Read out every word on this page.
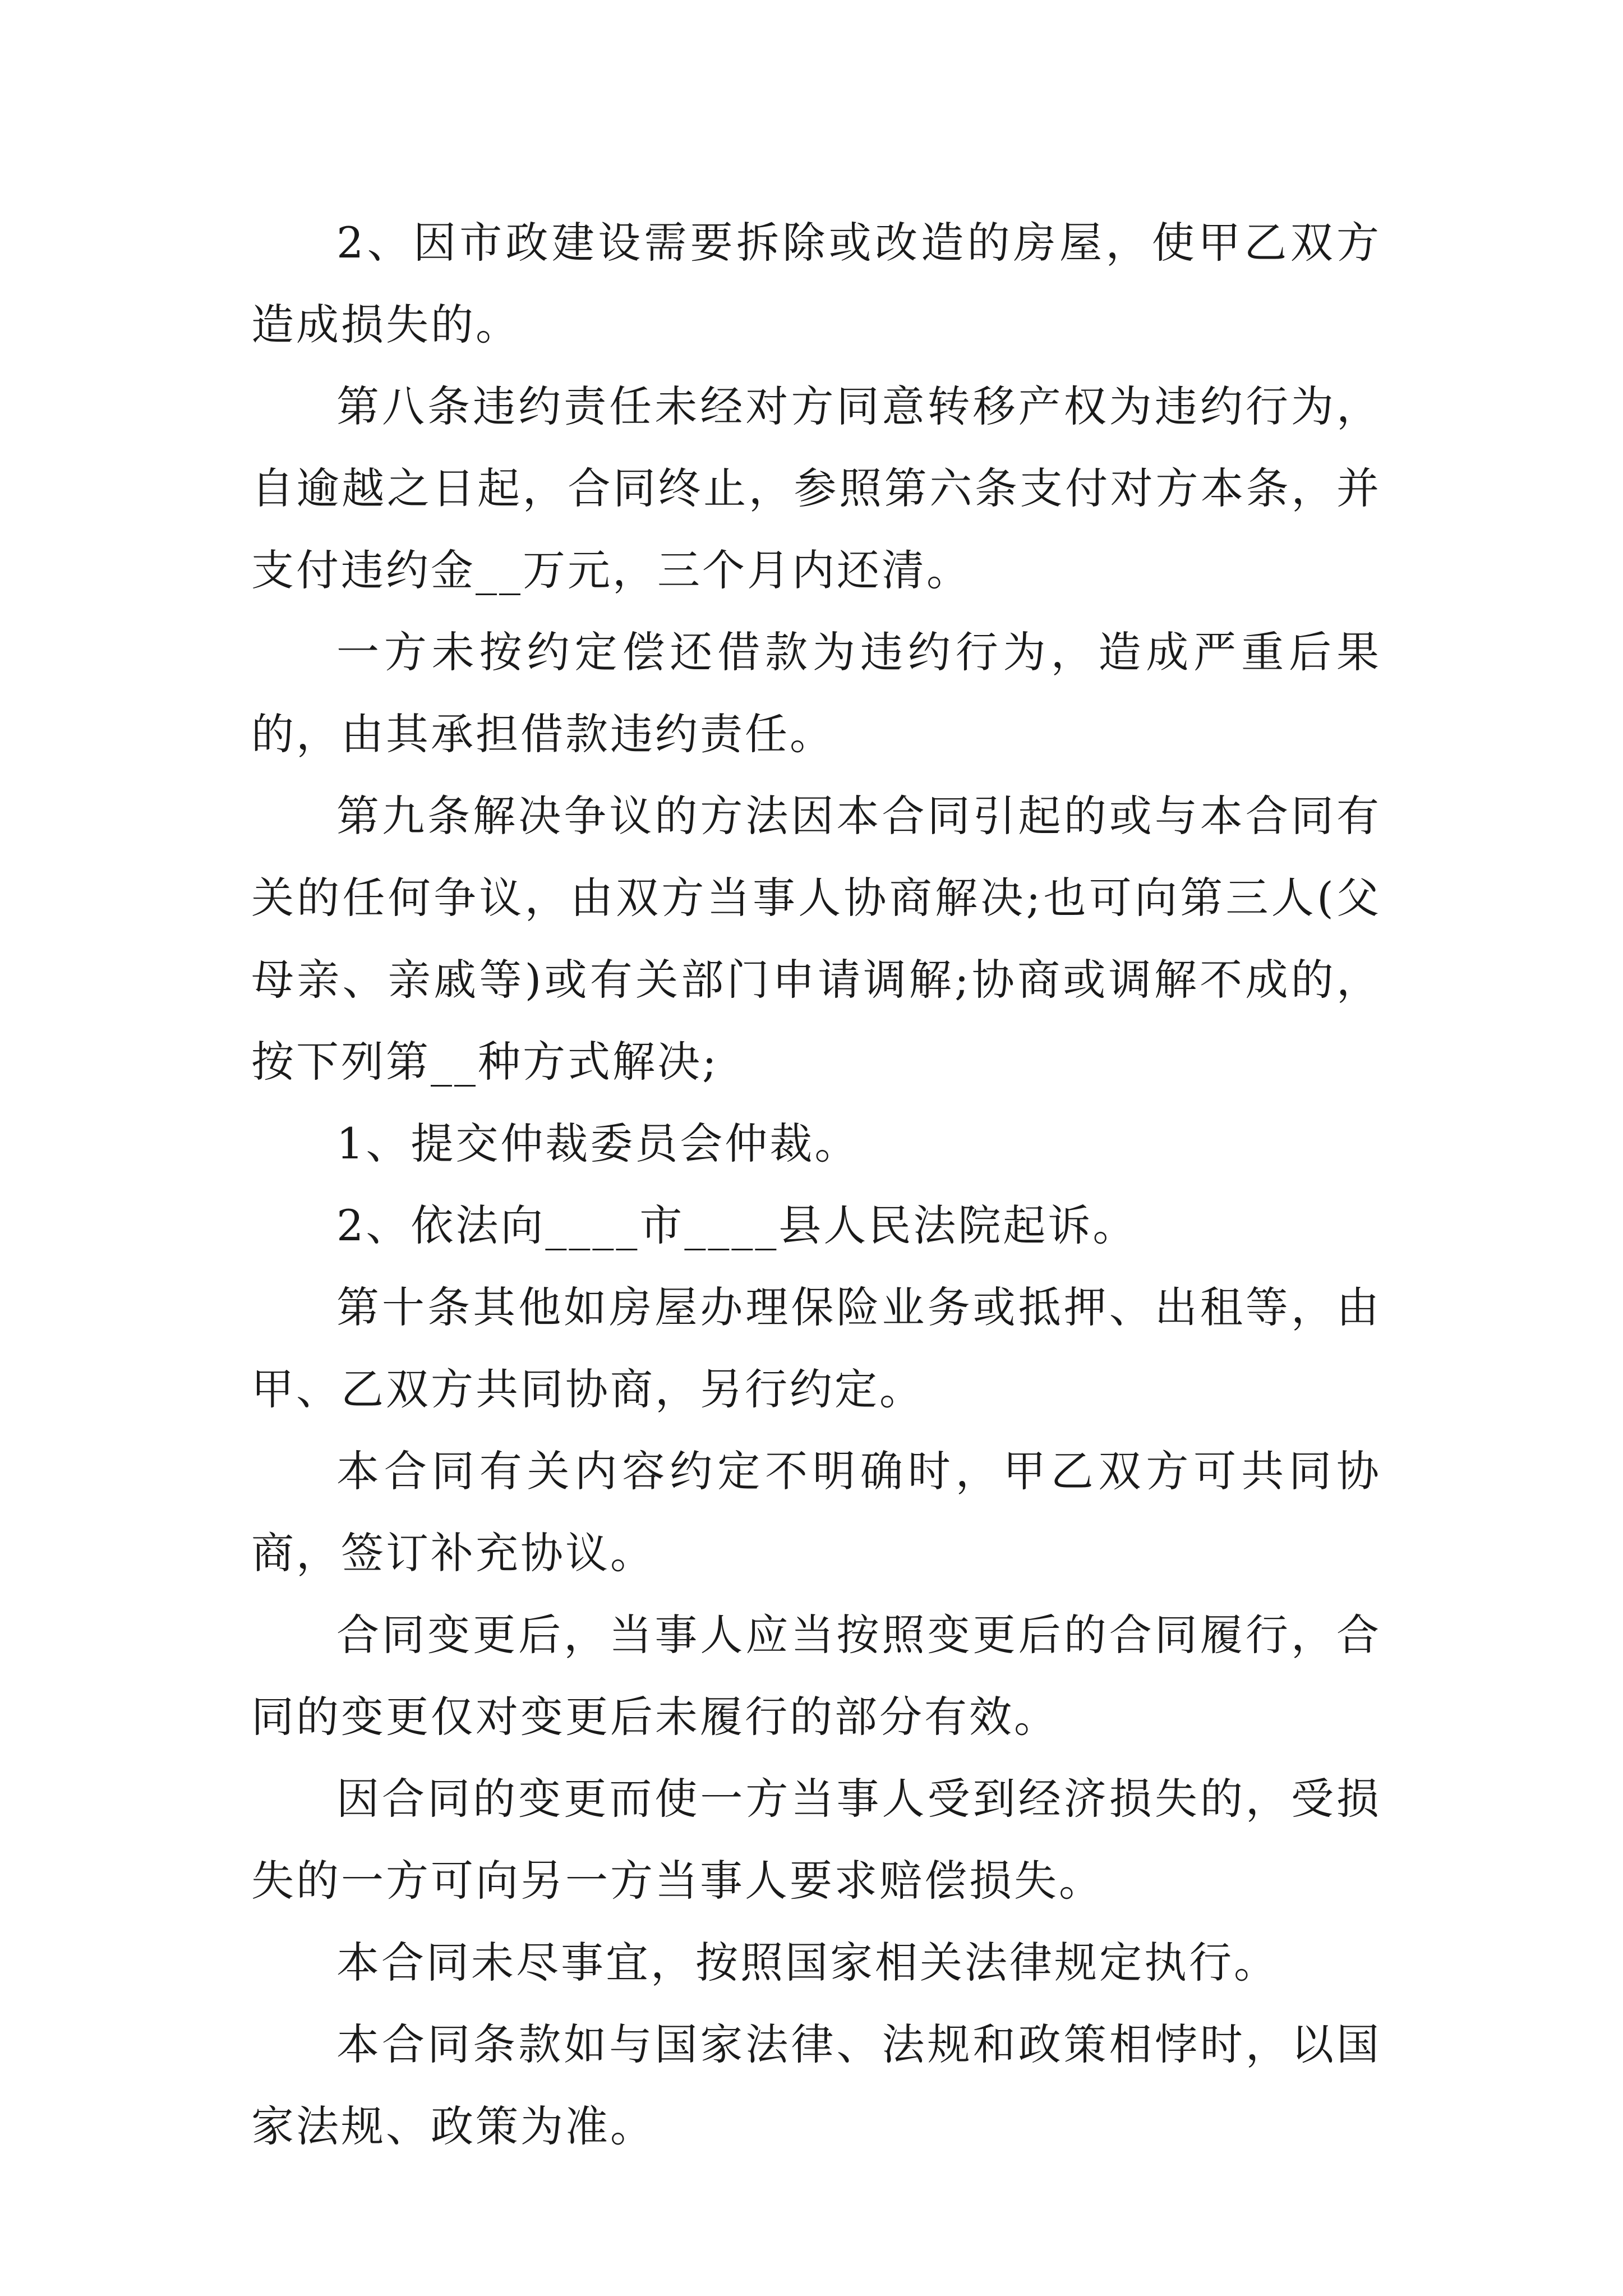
2、因市政建设需要拆除或改造的房屋，使甲乙双方造成损失的。

第八条违约责任未经对方同意转移产权为违约行为，自逾越之日起，合同终止，参照第六条支付对方本条，并支付违约金__万元，三个月内还清。

一方未按约定偿还借款为违约行为，造成严重后果的，由其承担借款违约责任。

第九条解决争议的方法因本合同引起的或与本合同有关的任何争议，由双方当事人协商解决;也可向第三人(父母亲、亲戚等)或有关部门申请调解;协商或调解不成的，按下列第__种方式解决;

1、提交仲裁委员会仲裁。

2、依法向____市____县人民法院起诉。

第十条其他如房屋办理保险业务或抵押、出租等，由甲、乙双方共同协商，另行约定。

本合同有关内容约定不明确时，甲乙双方可共同协商，签订补充协议。

合同变更后，当事人应当按照变更后的合同履行，合同的变更仅对变更后未履行的部分有效。

因合同的变更而使一方当事人受到经济损失的，受损失的一方可向另一方当事人要求赔偿损失。

本合同未尽事宜，按照国家相关法律规定执行。

本合同条款如与国家法律、法规和政策相悖时，以国家法规、政策为准。
